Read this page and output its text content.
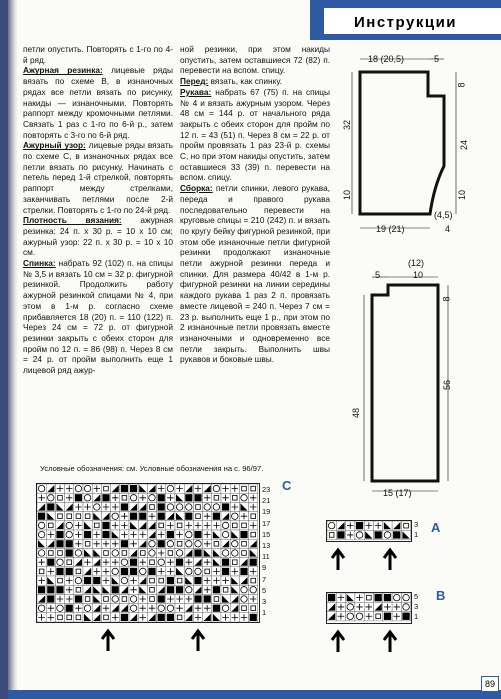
Инструкции

петли опустить. Повторять с 1-го по 4-й ряд.

Ажурная резинка: лицевые ряды вязать по схеме В, в изнаночных рядах все петли вязать по рисунку, накиды — изнаночными. Повторять раппорт между кромочными петлями. Связать 1 раз с 1-го по 6-й р., затем повторять с 3-го по 6-й ряд.

Ажурный узор: лицевые ряды вязать по схеме С, в изнаночных рядах все петли вязать по рисунку. Начинать с петель перед 1-й стрелкой, повторять раппорт между стрелками, заканчивать петлями после 2-й стрелки. Повторять с 1-го по 24-й ряд.

Плотность вязания: ажурная резинка: 24 п. x 30 р. = 10 x 10 см; ажурный узор: 22 п. x 30 р. = 10 x 10 см.

Спинка: набрать 92 (102) п. на спицы № 3,5 и вязать 10 см = 32 р. фигурной резинкой. Продолжить работу ажурной резинкой спицами № 4, при этом в 1-м р. согласно схеме прибавляется 18 (20) п. = 110 (122) п. Через 24 см = 72 р. от фигурной резинки закрыть с обеих сторон для пройм по 12 п. = 86 (98) п. Через 8 см = 24 р. от пройм выполнить еще 1 лицевой ряд ажур-

ной резинки, при этом накиды опустить, затем оставшиеся 72 (82) п. перевести на вспом. спицу.

Перед: вязать, как спинку.

Рукава: набрать 67 (75) п. на спицы № 4 и вязать ажурным узором. Через 48 см = 144 р. от начального ряда закрыть с обеих сторон для пройм по 12 п. = 43 (51) п. Через 8 см = 22 р. от пройм провязать 1 раз 23-й р. схемы С, но при этом накиды опустить, затем оставшиеся 33 (39) п. перевести на вспом. спицу.

Сборка: петли спинки, левого рукава, переда и правого рукава последовательно перевести на круговые спицы = 210 (242) п. и вязать по кругу бейку фигурной резинкой, при этом обе изнаночные петли фигурной резинки продолжают изнаночные петли ажурной резинки переда и спинки. Для размера 40/42 в 1-м р. фигурной резинки на линии середины каждого рукава 1 раз 2 п. провязать вместе лицевой = 240 п. Через 7 см = 23 р. выполнить еще 1 р., при этом по 2 изнаночные петли провязать вместе изнаночными и одновременно все петли закрыть. Выполнить швы рукавов и боковые швы.

18 (20,5)	5
8
32
24
10	10
(4,5)
19 (21)	4
(12)
5	10
8
48
56
15 (17)
Условные обозначения: см. Условные обозначения на с. 96/97.
C
23
21
19
17
15
13
11
9
7
5
3
1
A
3
1
B
5
3
1
89
